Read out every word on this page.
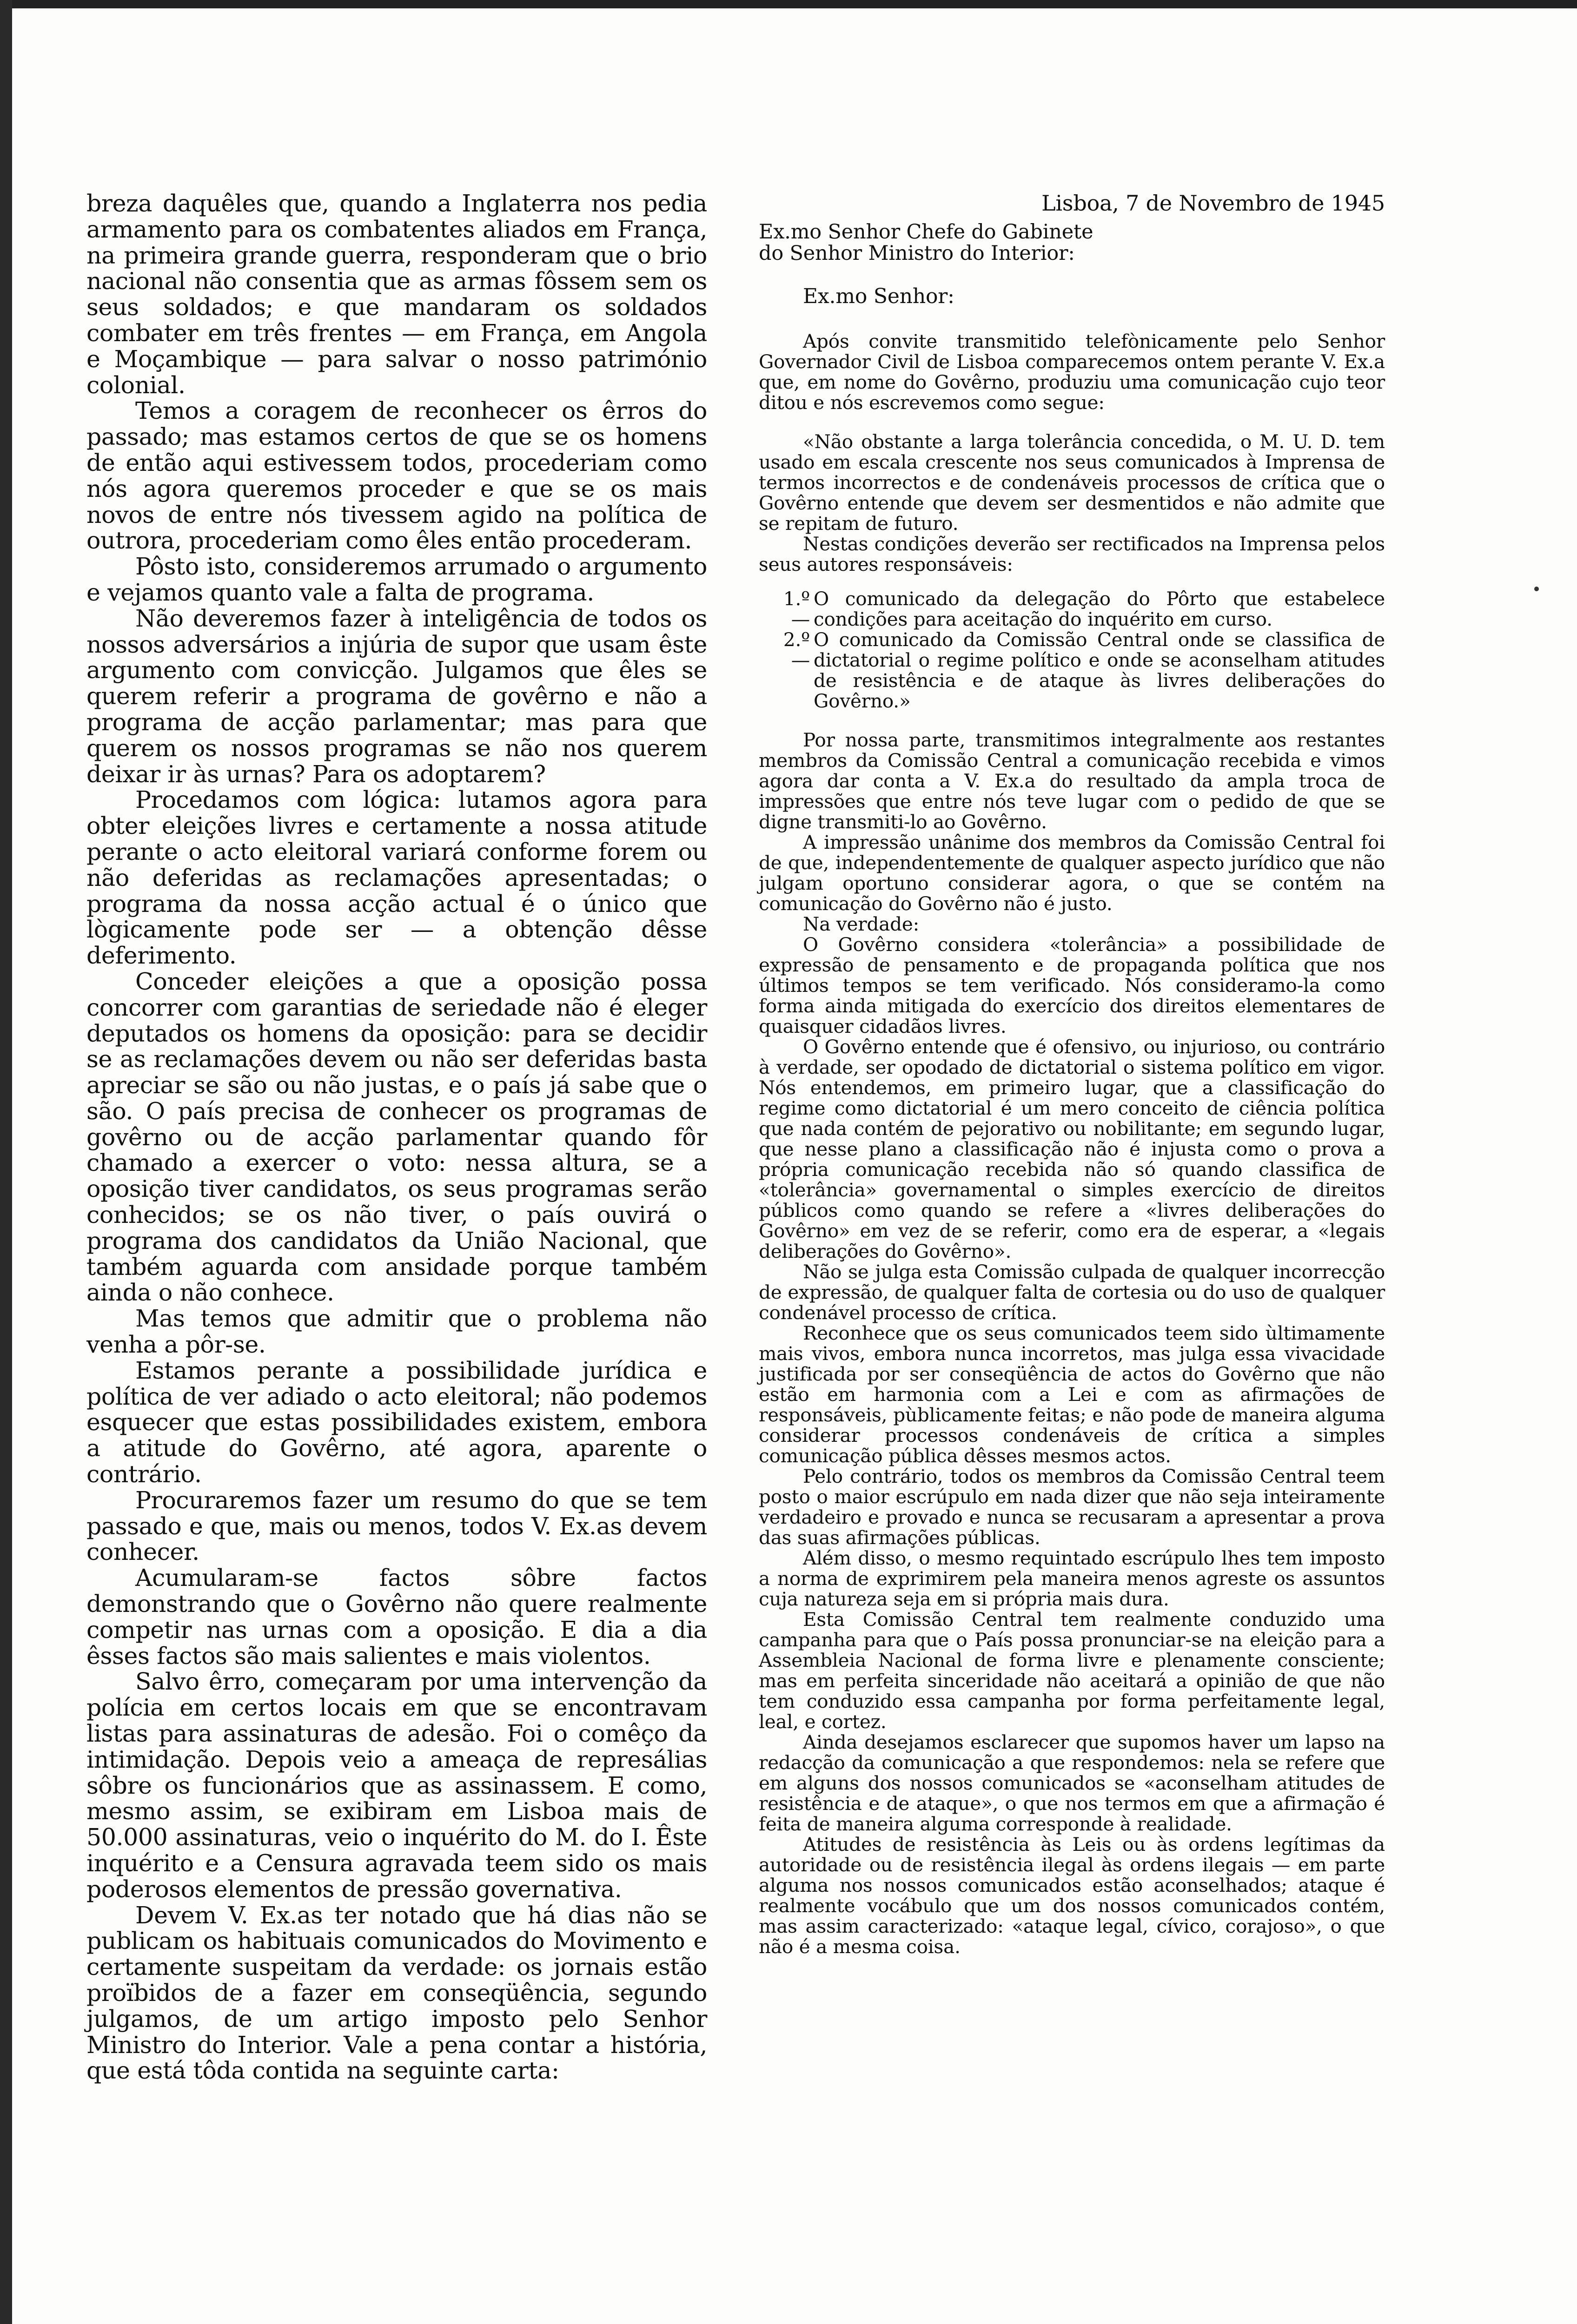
breza daquêles que, quando a Inglaterra nos pedia armamento para os combatentes aliados em França, na primeira grande guerra, responderam que o brio nacional não consentia que as armas fôssem sem os seus soldados; e que mandaram os soldados combater em três frentes — em França, em Angola e Moçambique — para salvar o nosso património colonial.

Temos a coragem de reconhecer os êrros do passado; mas estamos certos de que se os homens de então aqui estivessem todos, procederiam como nós agora queremos proceder e que se os mais novos de entre nós tivessem agido na política de outrora, procederiam como êles então procederam.

Pôsto isto, consideremos arrumado o argumento e vejamos quanto vale a falta de programa.

Não deveremos fazer à inteligência de todos os nossos adversários a injúria de supor que usam êste argumento com convicção. Julgamos que êles se querem referir a programa de govêrno e não a programa de acção parlamentar; mas para que querem os nossos programas se não nos querem deixar ir às urnas? Para os adoptarem?

Procedamos com lógica: lutamos agora para obter eleições livres e certamente a nossa atitude perante o acto eleitoral variará conforme forem ou não deferidas as reclamações apresentadas; o programa da nossa acção actual é o único que lògicamente pode ser — a obtenção dêsse deferimento.

Conceder eleições a que a oposição possa concorrer com garantias de seriedade não é eleger deputados os homens da oposição: para se decidir se as reclamações devem ou não ser deferidas basta apreciar se são ou não justas, e o país já sabe que o são. O país precisa de conhecer os programas de govêrno ou de acção parlamentar quando fôr chamado a exercer o voto: nessa altura, se a oposição tiver candidatos, os seus programas serão conhecidos; se os não tiver, o país ouvirá o programa dos candidatos da União Nacional, que também aguarda com ansidade porque também ainda o não conhece.

Mas temos que admitir que o problema não venha a pôr-se.

Estamos perante a possibilidade jurídica e política de ver adiado o acto eleitoral; não podemos esquecer que estas possibilidades existem, embora a atitude do Govêrno, até agora, aparente o contrário.

Procuraremos fazer um resumo do que se tem passado e que, mais ou menos, todos V. Ex.as devem conhecer.

Acumularam-se factos sôbre factos demonstrando que o Govêrno não quere realmente competir nas urnas com a oposição. E dia a dia êsses factos são mais salientes e mais violentos.

Salvo êrro, começaram por uma intervenção da polícia em certos locais em que se encontravam listas para assinaturas de adesão. Foi o comêço da intimidação. Depois veio a ameaça de represálias sôbre os funcionários que as assinassem. E como, mesmo assim, se exibiram em Lisboa mais de 50.000 assinaturas, veio o inquérito do M. do I. Êste inquérito e a Censura agravada teem sido os mais poderosos elementos de pressão governativa.

Devem V. Ex.as ter notado que há dias não se publicam os habituais comunicados do Movimento e certamente suspeitam da verdade: os jornais estão proïbidos de a fazer em conseqüência, segundo julgamos, de um artigo imposto pelo Senhor Ministro do Interior. Vale a pena contar a história, que está tôda contida na seguinte carta:

Lisboa, 7 de Novembro de 1945

Ex.mo Senhor Chefe do Gabinete
do Senhor Ministro do Interior:

Ex.mo Senhor:

Após convite transmitido telefònicamente pelo Senhor Governador Civil de Lisboa comparecemos ontem perante V. Ex.a que, em nome do Govêrno, produziu uma comunicação cujo teor ditou e nós escrevemos como segue:

«Não obstante a larga tolerância concedida, o M. U. D. tem usado em escala crescente nos seus comunicados à Imprensa de termos incorrectos e de condenáveis processos de crítica que o Govêrno entende que devem ser desmentidos e não admite que se repitam de futuro.

Nestas condições deverão ser rectificados na Imprensa pelos seus autores responsáveis:

1.º —
O comunicado da delegação do Pôrto que estabelece condições para aceitação do inquérito em curso.
2.º —
O comunicado da Comissão Central onde se classifica de dictatorial o regime político e onde se aconselham atitudes de resistência e de ataque às livres deliberações do Govêrno.»

Por nossa parte, transmitimos integralmente aos restantes membros da Comissão Central a comunicação recebida e vimos agora dar conta a V. Ex.a do resultado da ampla troca de impressões que entre nós teve lugar com o pedido de que se digne transmiti-lo ao Govêrno.

A impressão unânime dos membros da Comissão Central foi de que, independentemente de qualquer aspecto jurídico que não julgam oportuno considerar agora, o que se contém na comunicação do Govêrno não é justo.

Na verdade:

O Govêrno considera «tolerância» a possibilidade de expressão de pensamento e de propaganda política que nos últimos tempos se tem verificado. Nós consideramo-la como forma ainda mitigada do exercício dos direitos elementares de quaisquer cidadãos livres.

O Govêrno entende que é ofensivo, ou injurioso, ou contrário à verdade, ser opodado de dictatorial o sistema político em vigor. Nós entendemos, em primeiro lugar, que a classificação do regime como dictatorial é um mero conceito de ciência política que nada contém de pejorativo ou nobilitante; em segundo lugar, que nesse plano a classificação não é injusta como o prova a própria comunicação recebida não só quando classifica de «tolerância» governamental o simples exercício de direitos públicos como quando se refere a «livres deliberações do Govêrno» em vez de se referir, como era de esperar, a «legais deliberações do Govêrno».

Não se julga esta Comissão culpada de qualquer incorrecção de expressão, de qualquer falta de cortesia ou do uso de qualquer condenável processo de crítica.

Reconhece que os seus comunicados teem sido ùltimamente mais vivos, embora nunca incorretos, mas julga essa vivacidade justificada por ser conseqüência de actos do Govêrno que não estão em harmonia com a Lei e com as afirmações de responsáveis, pùblicamente feitas; e não pode de maneira alguma considerar processos condenáveis de crítica a simples comunicação pública dêsses mesmos actos.

Pelo contrário, todos os membros da Comissão Central teem posto o maior escrúpulo em nada dizer que não seja inteiramente verdadeiro e provado e nunca se recusaram a apresentar a prova das suas afirmações públicas.

Além disso, o mesmo requintado escrúpulo lhes tem imposto a norma de exprimirem pela maneira menos agreste os assuntos cuja natureza seja em si própria mais dura.

Esta Comissão Central tem realmente conduzido uma campanha para que o País possa pronunciar-se na eleição para a Assembleia Nacional de forma livre e plenamente consciente; mas em perfeita sinceridade não aceitará a opinião de que não tem conduzido essa campanha por forma perfeitamente legal, leal, e cortez.

Ainda desejamos esclarecer que supomos haver um lapso na redacção da comunicação a que respondemos: nela se refere que em alguns dos nossos comunicados se «aconselham atitudes de resistência e de ataque», o que nos termos em que a afirmação é feita de maneira alguma corresponde à realidade.

Atitudes de resistência às Leis ou às ordens legítimas da autoridade ou de resistência ilegal às ordens ilegais — em parte alguma nos nossos comunicados estão aconselhados; ataque é realmente vocábulo que um dos nossos comunicados contém, mas assim caracterizado: «ataque legal, cívico, corajoso», o que não é a mesma coisa.
